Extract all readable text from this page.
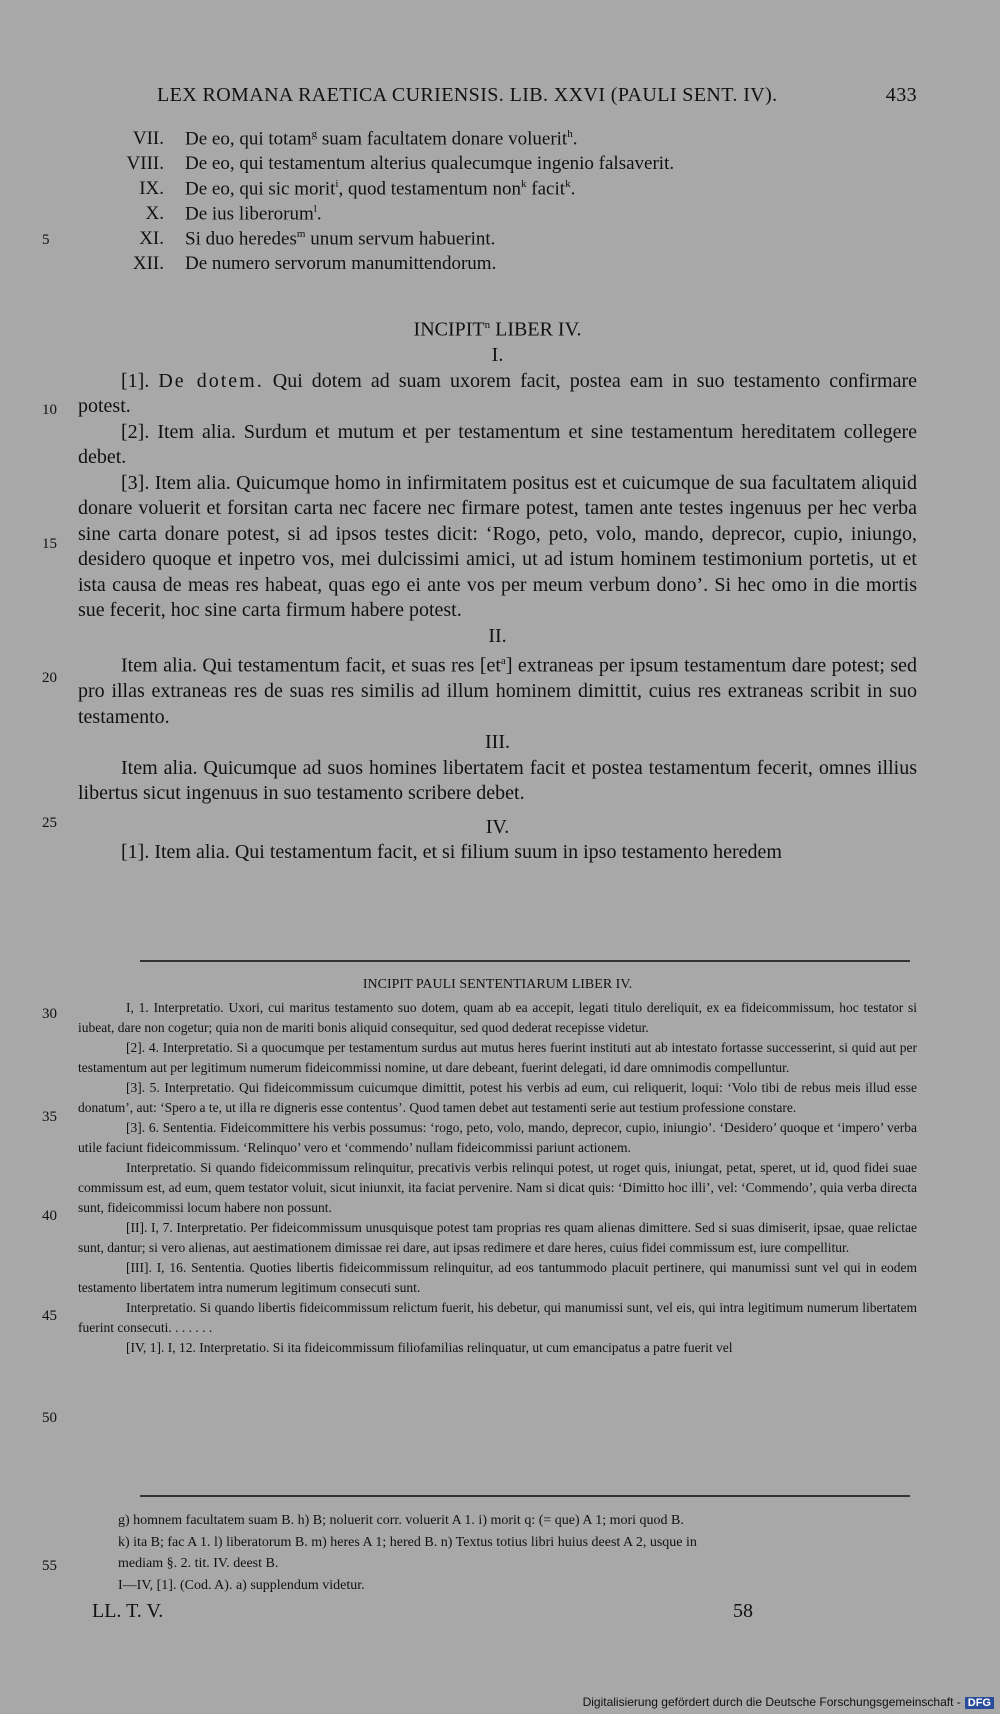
LEX ROMANA RAETICA CURIENSIS. LIB. XXVI (PAULI SENT. IV).	433
VII. De eo, qui totam$^g$ suam facultatem donare voluerit$^h$.
VIII. De eo, qui testamentum alterius qualecumque ingenio falsaverit.
IX. De eo, qui sic morit$^i$, quod testamentum non$^k$ facit$^k$.
X. De ius liberorum$^l$.
XI. Si duo heredes$^m$ unum servum habuerint.
XII. De numero servorum manumittendorum.
5
10
15
20
25
30
35
40
45
50
55
INCIPIT$^n$ LIBER IV.
I.

[1]. De dotem. Qui dotem ad suam uxorem facit, postea eam in suo testamento confirmare potest.

[2]. Item alia. Surdum et mutum et per testamentum et sine testamentum hereditatem collegere debet.

[3]. Item alia. Quicumque homo in infirmitatem positus est et cuicumque de sua facultatem aliquid donare voluerit et forsitan carta nec facere nec firmare potest, tamen ante testes ingenuus per hec verba sine carta donare potest, si ad ipsos testes dicit: ‘Rogo, peto, volo, mando, deprecor, cupio, iniungo, desidero quoque et inpetro vos, mei dulcissimi amici, ut ad istum hominem testimonium portetis, ut et ista causa de meas res habeat, quas ego ei ante vos per meum verbum dono’. Si hec omo in die mortis sue fecerit, hoc sine carta firmum habere potest.

II.

Item alia. Qui testamentum facit, et suas res $[et^a]$ extraneas per ipsum testamentum dare potest; sed pro illas extraneas res de suas res similis ad illum hominem dimittit, cuius res extraneas scribit in suo testamento.

III.

Item alia. Quicumque ad suos homines libertatem facit et postea testamentum fecerit, omnes illius libertus sicut ingenuus in suo testamento scribere debet.

IV.

[1]. Item alia. Qui testamentum facit, et si filium suum in ipso testamento heredem

INCIPIT PAULI SENTENTIARUM LIBER IV.

I, 1. Interpretatio. Uxori, cui maritus testamento suo dotem, quam ab ea accepit, legati titulo dereliquit, ex ea fideicommissum, hoc testator si iubeat, dare non cogetur; quia non de mariti bonis aliquid consequitur, sed quod dederat recepisse videtur.

[2]. 4. Interpretatio. Si a quocumque per testamentum surdus aut mutus heres fuerint instituti aut ab intestato fortasse successerint, si quid aut per testamentum aut per legitimum numerum fideicommissi nomine, ut dare debeant, fuerint delegati, id dare omnimodis compelluntur.

[3]. 5. Interpretatio. Qui fideicommissum cuicumque dimittit, potest his verbis ad eum, cui reliquerit, loqui: ‘Volo tibi de rebus meis illud esse donatum’, aut: ‘Spero a te, ut illa re digneris esse contentus’. Quod tamen debet aut testamenti serie aut testium professione constare.

[3]. 6. Sententia. Fideicommittere his verbis possumus: ‘rogo, peto, volo, mando, deprecor, cupio, iniungio’. ‘Desidero’ quoque et ‘impero’ verba utile faciunt fideicommissum. ‘Relinquo’ vero et ‘commendo’ nullam fideicommissi pariunt actionem.

Interpretatio. Si quando fideicommissum relinquitur, precativis verbis relinqui potest, ut roget quis, iniungat, petat, speret, ut id, quod fidei suae commissum est, ad eum, quem testator voluit, sicut iniunxit, ita faciat pervenire. Nam si dicat quis: ‘Dimitto hoc illi’, vel: ‘Commendo’, quia verba directa sunt, fideicommissi locum habere non possunt.

[II]. I, 7. Interpretatio. Per fideicommissum unusquisque potest tam proprias res quam alienas dimittere. Sed si suas dimiserit, ipsae, quae relictae sunt, dantur; si vero alienas, aut aestimationem dimissae rei dare, aut ipsas redimere et dare heres, cuius fidei commissum est, iure compellitur.

[III]. I, 16. Sententia. Quoties libertis fideicommissum relinquitur, ad eos tantummodo placuit pertinere, qui manumissi sunt vel qui in eodem testamento libertatem intra numerum legitimum consecuti sunt.

Interpretatio. Si quando libertis fideicommissum relictum fuerit, his debetur, qui manumissi sunt, vel eis, qui intra legitimum numerum libertatem fuerint consecuti. . . . . . .

[IV, 1]. I, 12. Interpretatio. Si ita fideicommissum filiofamilias relinquatur, ut cum emancipatus a patre fuerit vel

g) homnem facultatem suam B. h) B; noluerit corr. voluerit A 1. i) morit q: (= que) A 1; mori quod B.

k) ita B; fac A 1. l) liberatorum B. m) heres A 1; hered B. n) Textus totius libri huius deest A 2, usque in

mediam §. 2. tit. IV. deest B.

I—IV, [1]. (Cod. A). a) supplendum videtur.

LL. T. V.	58
Digitalisierung gefördert durch die Deutsche Forschungsgemeinschaft - DFG
